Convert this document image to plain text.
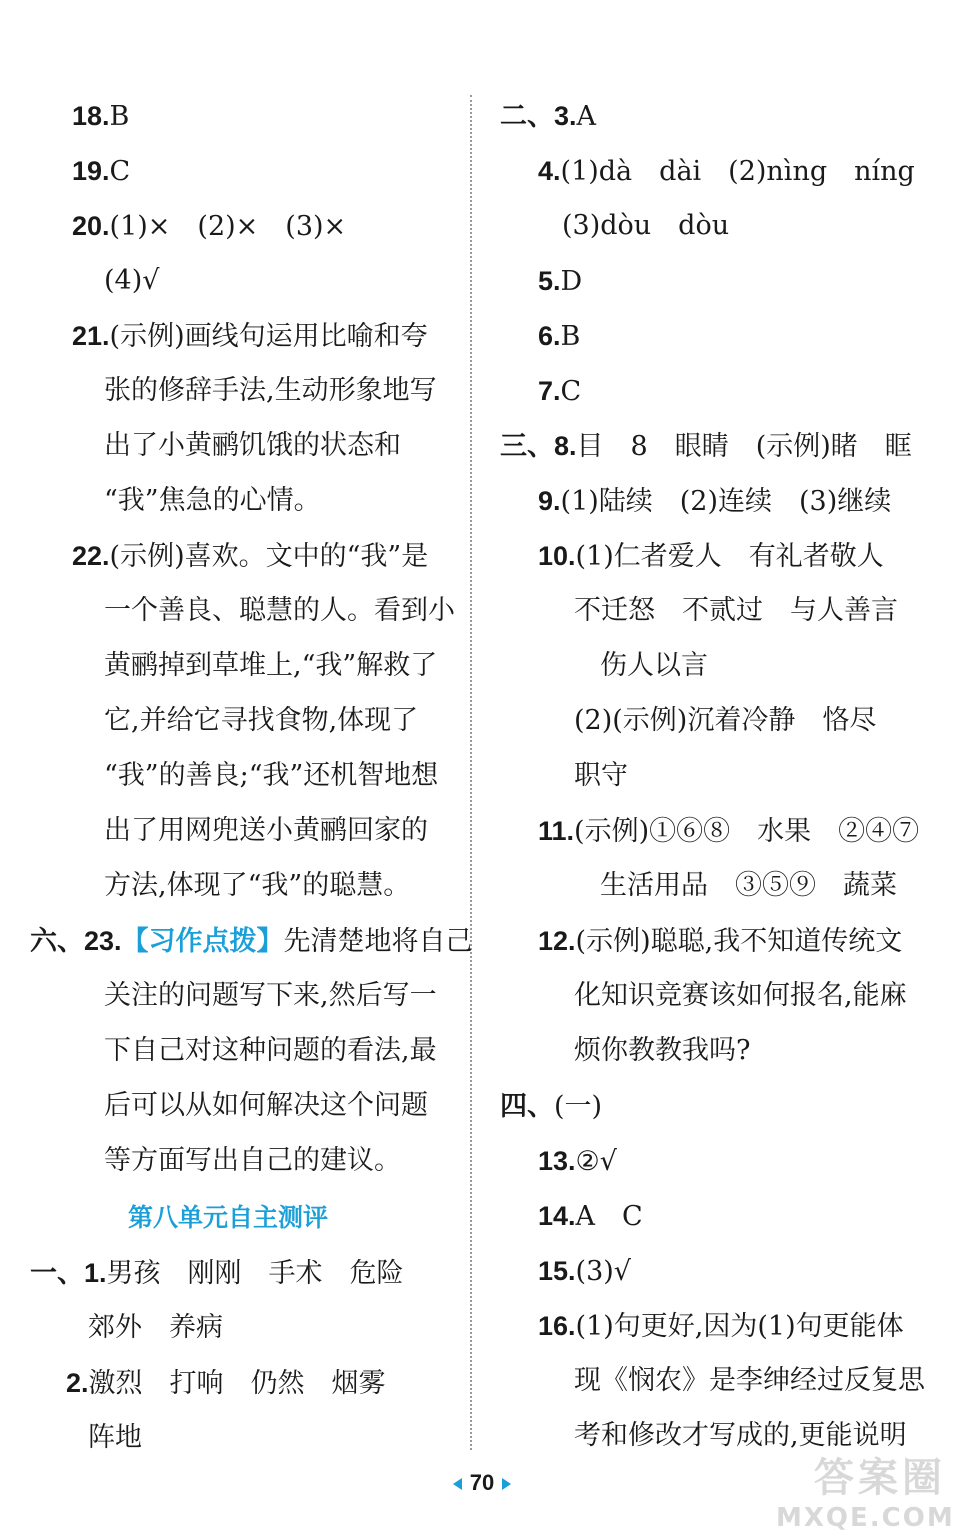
18.B
19.C
20.(1)×　(2)×　(3)×
(4)√
21.(示例)画线句运用比喻和夸
张的修辞手法,生动形象地写
出了小黄鹂饥饿的状态和
“我”焦急的心情。
22.(示例)喜欢。文中的“我”是
一个善良、聪慧的人。看到小
黄鹂掉到草堆上,“我”解救了
它,并给它寻找食物,体现了
“我”的善良;“我”还机智地想
出了用网兜送小黄鹂回家的
方法,体现了“我”的聪慧。
六、23.【习作点拨】先清楚地将自己
关注的问题写下来,然后写一
下自己对这种问题的看法,最
后可以从如何解决这个问题
等方面写出自己的建议。
第八单元自主测评
一、1.男孩　刚刚　手术　危险
郊外　养病
2.激烈　打响　仍然　烟雾
阵地
二、3.A
4.(1)dà　dài　(2)nìng　níng
(3)dòu　dòu
5.D
6.B
7.C
三、8.目　8　眼睛　(示例)睹　眶
9.(1)陆续　(2)连续　(3)继续
10.(1)仁者爱人　有礼者敬人
不迁怒　不贰过　与人善言
伤人以言
(2)(示例)沉着冷静　恪尽
职守
11.(示例)①⑥⑧　水果　②④⑦
生活用品　③⑤⑨　蔬菜
12.(示例)聪聪,我不知道传统文
化知识竞赛该如何报名,能麻
烦你教教我吗?
四、(一)
13.②√
14.A　C
15.(3)√
16.(1)句更好,因为(1)句更能体
现《悯农》是李绅经过反复思
考和修改才写成的,更能说明
70	答案圈
MXQE.COM
